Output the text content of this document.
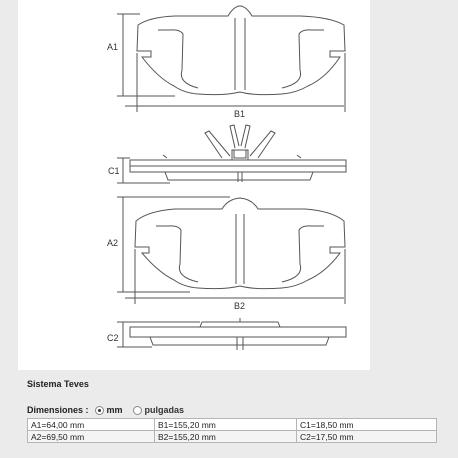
A1
B1
C1
A2
B2
C2
Sistema Teves
Dimensiones : mm pulgadas
A1=64,00 mm	B1=155,20 mm	C1=18,50 mm
A2=69,50 mm	B2=155,20 mm	C2=17,50 mm
